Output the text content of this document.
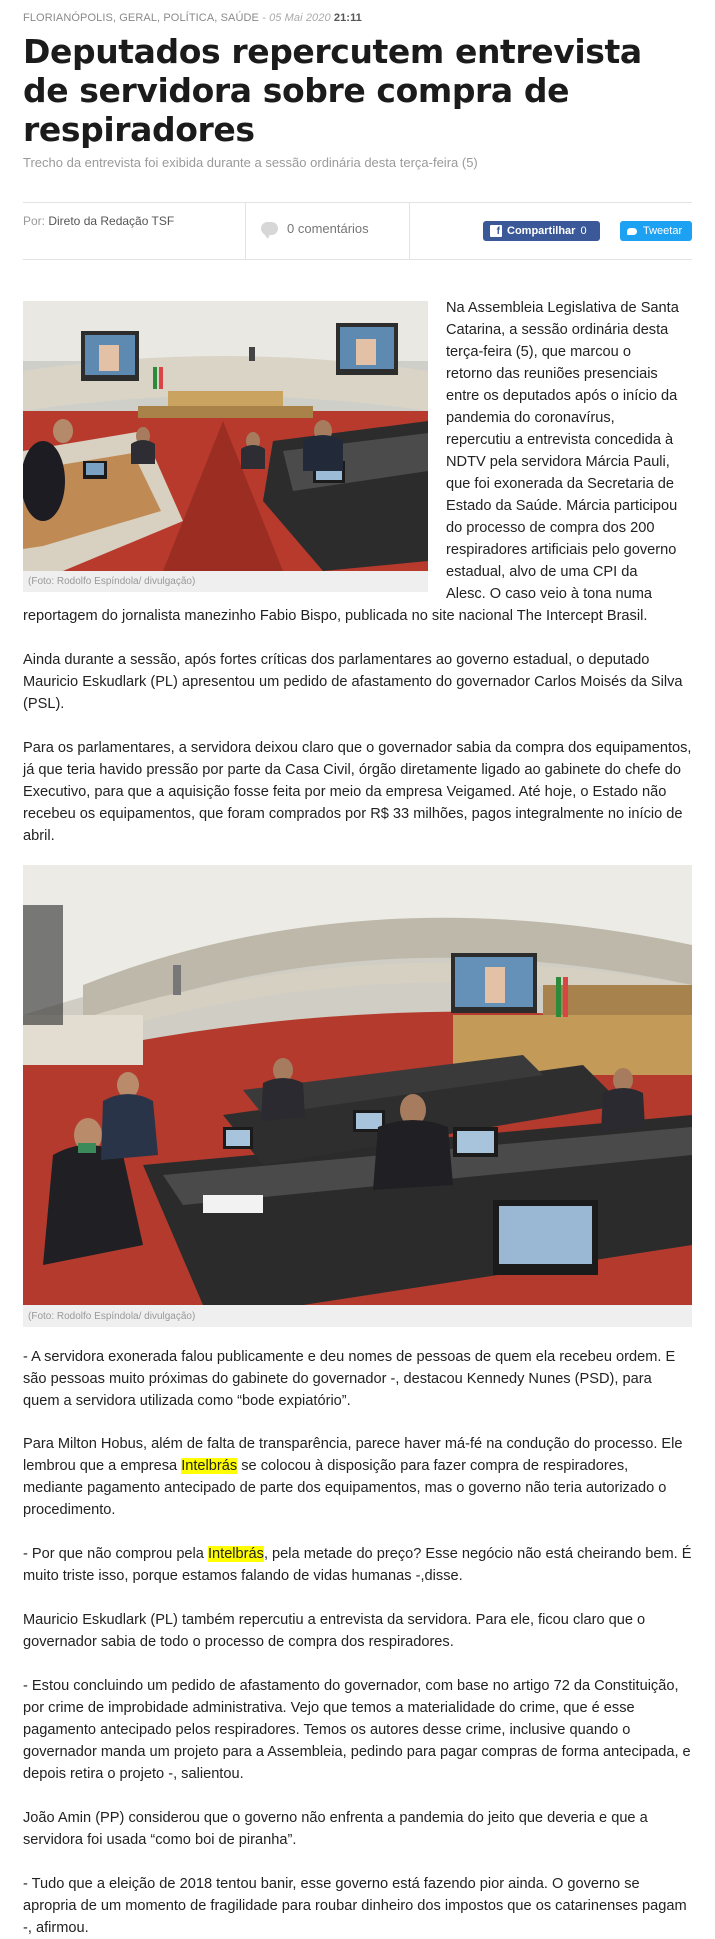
FLORIANÓPOLIS, GERAL, POLÍTICA, SAÚDE - 05 Mai 2020 21:11
Deputados repercutem entrevista de servidora sobre compra de respiradores
Trecho da entrevista foi exibida durante a sessão ordinária desta terça-feira (5)
Por: Direto da Redação TSF	0 comentários	f Compartilhar 0	Tweetar
(Foto: Rodolfo Espíndola/ divulgação)
Na Assembleia Legislativa de Santa
Catarina, a sessão ordinária desta
terça-feira (5), que marcou o
retorno das reuniões presenciais
entre os deputados após o início da
pandemia do coronavírus,
repercutiu a entrevista concedida à
NDTV pela servidora Márcia Pauli,
que foi exonerada da Secretaria de
Estado da Saúde. Márcia participou
do processo de compra dos 200
respiradores artificiais pelo governo
estadual, alvo de uma CPI da
Alesc. O caso veio à tona numa
reportagem do jornalista manezinho Fabio Bispo, publicada no site nacional The Intercept Brasil.
Ainda durante a sessão, após fortes críticas dos parlamentares ao governo estadual, o deputado Mauricio Eskudlark (PL) apresentou um pedido de afastamento do governador Carlos Moisés da Silva (PSL).
Para os parlamentares, a servidora deixou claro que o governador sabia da compra dos equipamentos, já que teria havido pressão por parte da Casa Civil, órgão diretamente ligado ao gabinete do chefe do Executivo, para que a aquisição fosse feita por meio da empresa Veigamed. Até hoje, o Estado não recebeu os equipamentos, que foram comprados por R$ 33 milhões, pagos integralmente no início de abril.
(Foto: Rodolfo Espíndola/ divulgação)
- A servidora exonerada falou publicamente e deu nomes de pessoas de quem ela recebeu ordem. E são pessoas muito próximas do gabinete do governador -, destacou Kennedy Nunes (PSD), para quem a servidora utilizada como “bode expiatório”.
Para Milton Hobus, além de falta de transparência, parece haver má-fé na condução do processo. Ele lembrou que a empresa Intelbrás se colocou à disposição para fazer compra de respiradores, mediante pagamento antecipado de parte dos equipamentos, mas o governo não teria autorizado o procedimento.
- Por que não comprou pela Intelbrás, pela metade do preço? Esse negócio não está cheirando bem. É muito triste isso, porque estamos falando de vidas humanas -,disse.
Mauricio Eskudlark (PL) também repercutiu a entrevista da servidora. Para ele, ficou claro que o governador sabia de todo o processo de compra dos respiradores.
- Estou concluindo um pedido de afastamento do governador, com base no artigo 72 da Constituição, por crime de improbidade administrativa. Vejo que temos a materialidade do crime, que é esse pagamento antecipado pelos respiradores. Temos os autores desse crime, inclusive quando o governador manda um projeto para a Assembleia, pedindo para pagar compras de forma antecipada, e depois retira o projeto -, salientou.
João Amin (PP) considerou que o governo não enfrenta a pandemia do jeito que deveria e que a servidora foi usada “como boi de piranha”.
- Tudo que a eleição de 2018 tentou banir, esse governo está fazendo pior ainda. O governo se apropria de um momento de fragilidade para roubar dinheiro dos impostos que os catarinenses pagam -, afirmou.
